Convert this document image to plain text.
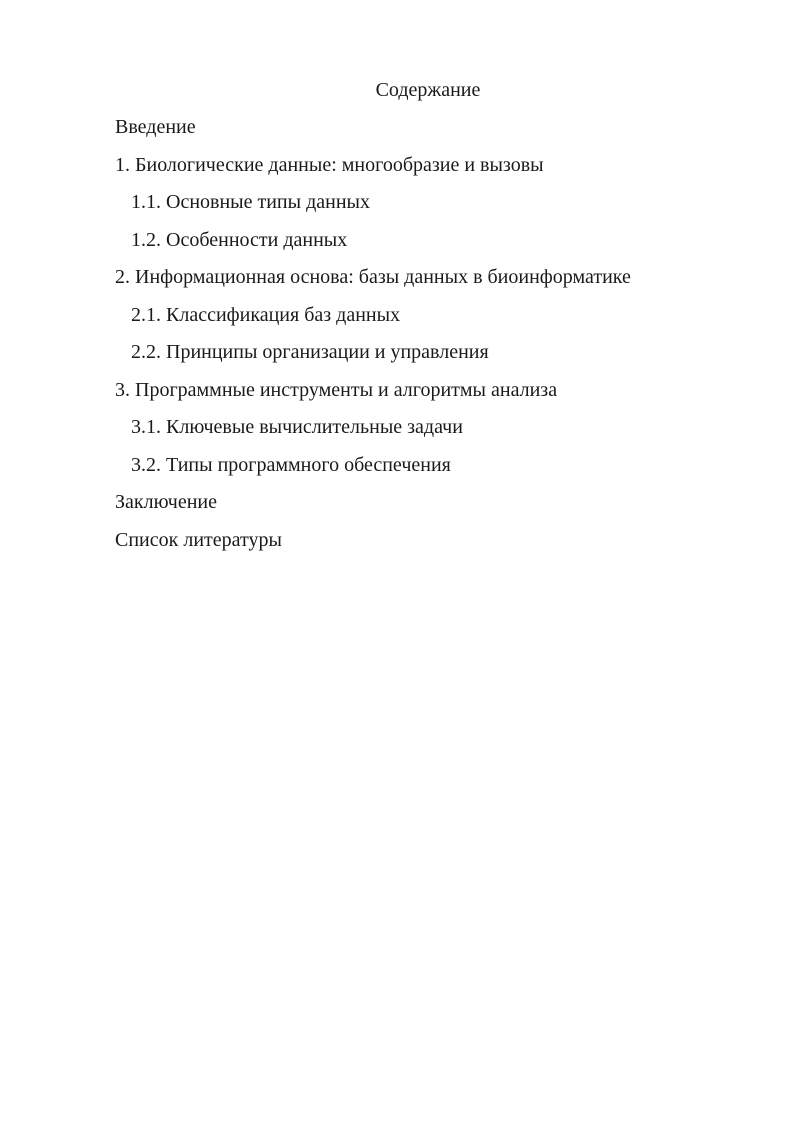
Содержание
Введение
1. Биологические данные: многообразие и вызовы
1.1. Основные типы данных
1.2. Особенности данных
2. Информационная основа: базы данных в биоинформатике
2.1. Классификация баз данных
2.2. Принципы организации и управления
3. Программные инструменты и алгоритмы анализа
3.1. Ключевые вычислительные задачи
3.2. Типы программного обеспечения
Заключение
Список литературы
